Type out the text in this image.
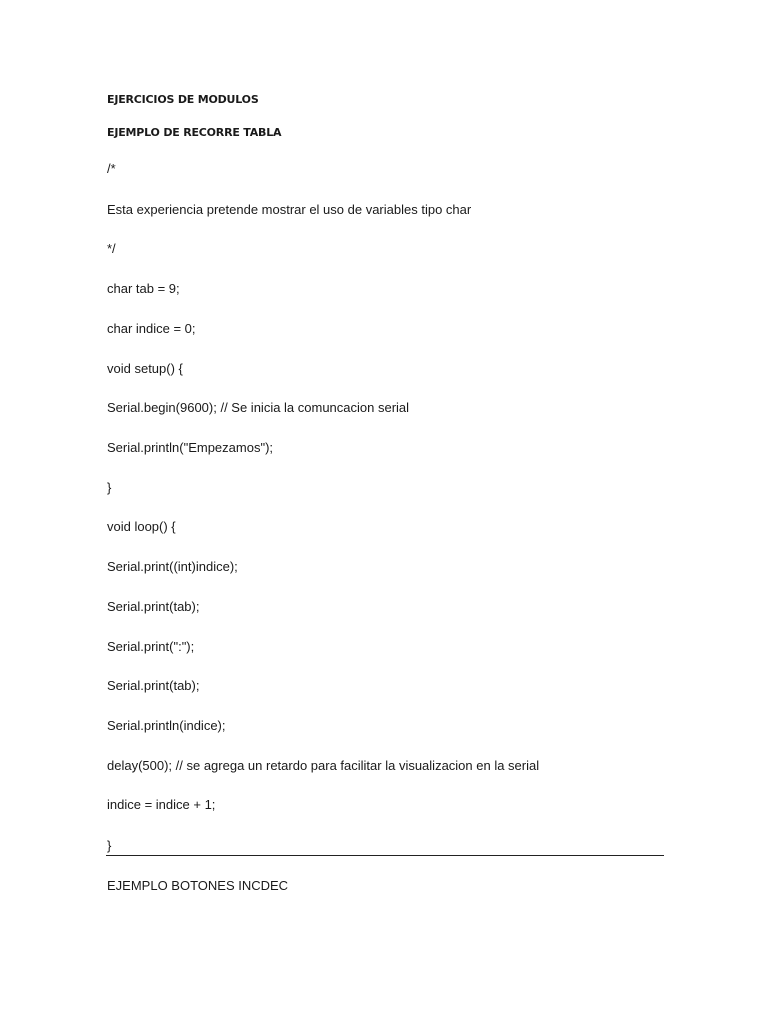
EJERCICIOS DE MODULOS
EJEMPLO DE RECORRE TABLA
/*
Esta experiencia pretende mostrar el uso de variables tipo char
*/
char tab = 9;
char indice = 0;
void setup() {
Serial.begin(9600); // Se inicia la comuncacion serial
Serial.println("Empezamos");
}
void loop() {
Serial.print((int)indice);
Serial.print(tab);
Serial.print(":");
Serial.print(tab);
Serial.println(indice);
delay(500); // se agrega un retardo para facilitar la visualizacion en la serial
indice = indice + 1;
}
EJEMPLO BOTONES INCDEC
